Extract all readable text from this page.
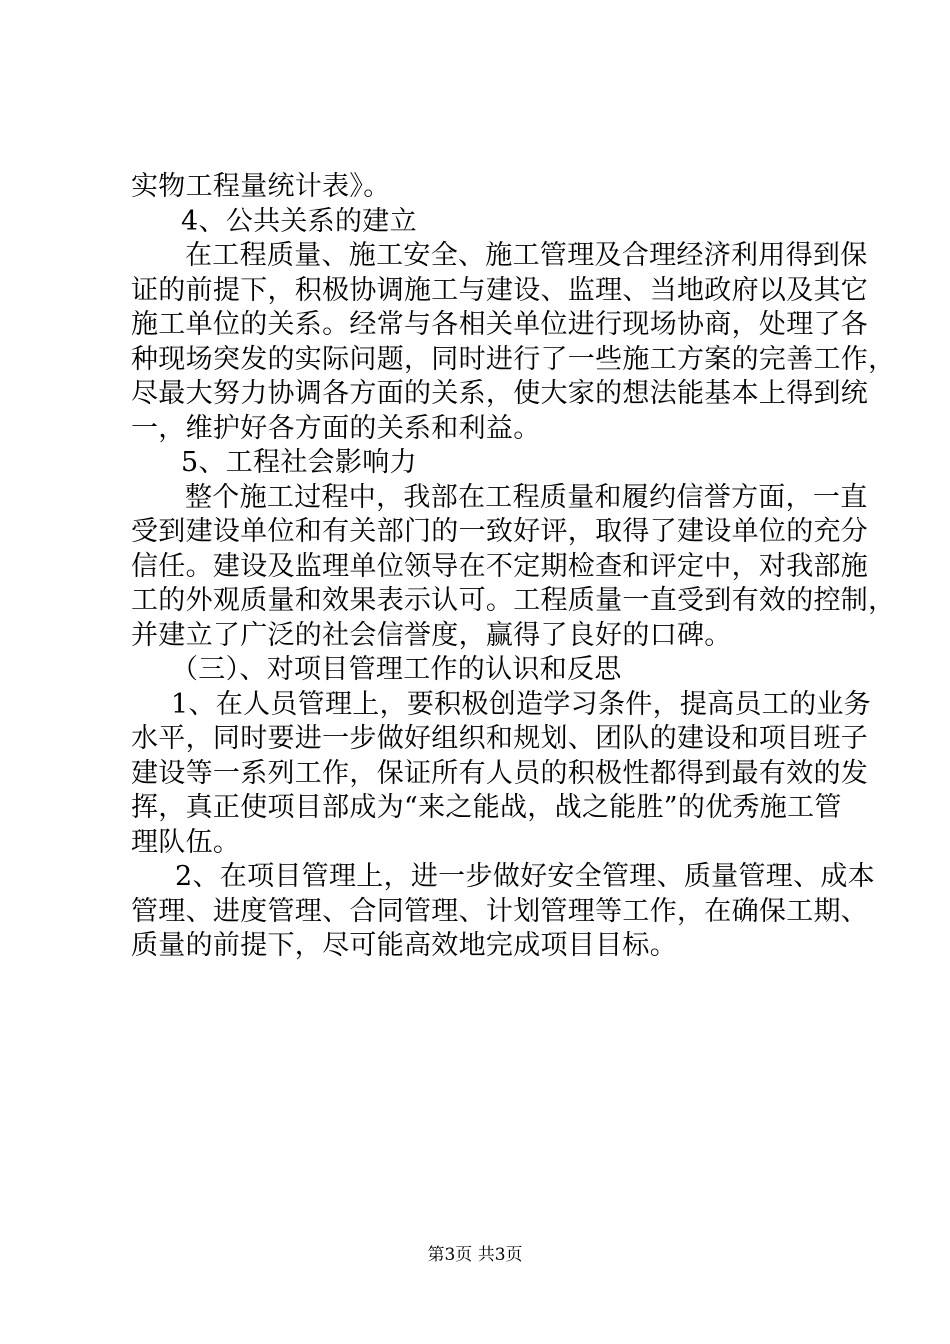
实物工程量统计表》。
4、公共关系的建立
在工程质量、施工安全、施工管理及合理经济利用得到保
证的前提下，积极协调施工与建设、监理、当地政府以及其它
施工单位的关系。经常与各相关单位进行现场协商，处理了各
种现场突发的实际问题，同时进行了一些施工方案的完善工作，
尽最大努力协调各方面的关系，使大家的想法能基本上得到统
一，维护好各方面的关系和利益。
5、工程社会影响力
整个施工过程中，我部在工程质量和履约信誉方面，一直
受到建设单位和有关部门的一致好评，取得了建设单位的充分
信任。建设及监理单位领导在不定期检查和评定中，对我部施
工的外观质量和效果表示认可。工程质量一直受到有效的控制，
并建立了广泛的社会信誉度，赢得了良好的口碑。
（三）、对项目管理工作的认识和反思
1、在人员管理上，要积极创造学习条件，提高员工的业务
水平，同时要进一步做好组织和规划、团队的建设和项目班子
建设等一系列工作，保证所有人员的积极性都得到最有效的发
挥，真正使项目部成为“来之能战，战之能胜”的优秀施工管
理队伍。
2、在项目管理上，进一步做好安全管理、质量管理、成本
管理、进度管理、合同管理、计划管理等工作，在确保工期、
质量的前提下，尽可能高效地完成项目目标。
第3页 共3页
